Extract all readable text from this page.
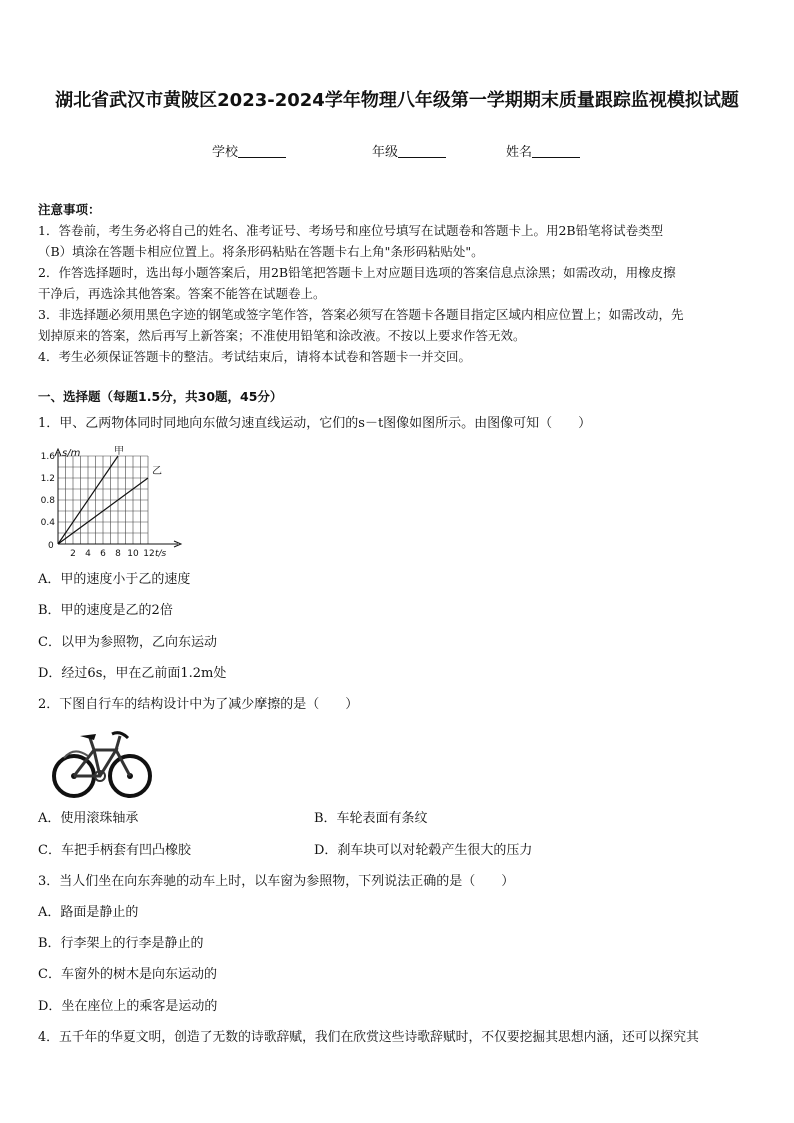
湖北省武汉市黄陂区2023-2024学年物理八年级第一学期期末质量跟踪监视模拟试题
学校	年级	姓名
注意事项：
1．答卷前，考生务必将自己的姓名、准考证号、考场号和座位号填写在试题卷和答题卡上。用2B铅笔将试卷类型
（B）填涂在答题卡相应位置上。将条形码粘贴在答题卡右上角"条形码粘贴处"。
2．作答选择题时，选出每小题答案后，用2B铅笔把答题卡上对应题目选项的答案信息点涂黑；如需改动，用橡皮擦
干净后，再选涂其他答案。答案不能答在试题卷上。
3．非选择题必须用黑色字迹的钢笔或签字笔作答，答案必须写在答题卡各题目指定区域内相应位置上；如需改动，先
划掉原来的答案，然后再写上新答案；不准使用铅笔和涂改液。不按以上要求作答无效。
4．考生必须保证答题卡的整洁。考试结束后，请将本试卷和答题卡一并交回。
一、选择题（每题1.5分，共30题，45分）
1．甲、乙两物体同时同地向东做匀速直线运动，它们的s－t图像如图所示。由图像可知（　　）
甲
乙
0.4
0.8
1.2
1.6
2 4 6 8 10 12 t/s
s/m
0
A．甲的速度小于乙的速度
B．甲的速度是乙的2倍
C．以甲为参照物，乙向东运动
D．经过6s，甲在乙前面1.2m处
2．下图自行车的结构设计中为了减少摩擦的是（　　）
A．使用滚珠轴承	B．车轮表面有条纹
C．车把手柄套有凹凸橡胶	D．刹车块可以对轮毂产生很大的压力
3．当人们坐在向东奔驰的动车上时，以车窗为参照物，下列说法正确的是（　　）
A．路面是静止的
B．行李架上的行李是静止的
C．车窗外的树木是向东运动的
D．坐在座位上的乘客是运动的
4．五千年的华夏文明，创造了无数的诗歌辞赋，我们在欣赏这些诗歌辞赋时，不仅要挖掘其思想内涵，还可以探究其
